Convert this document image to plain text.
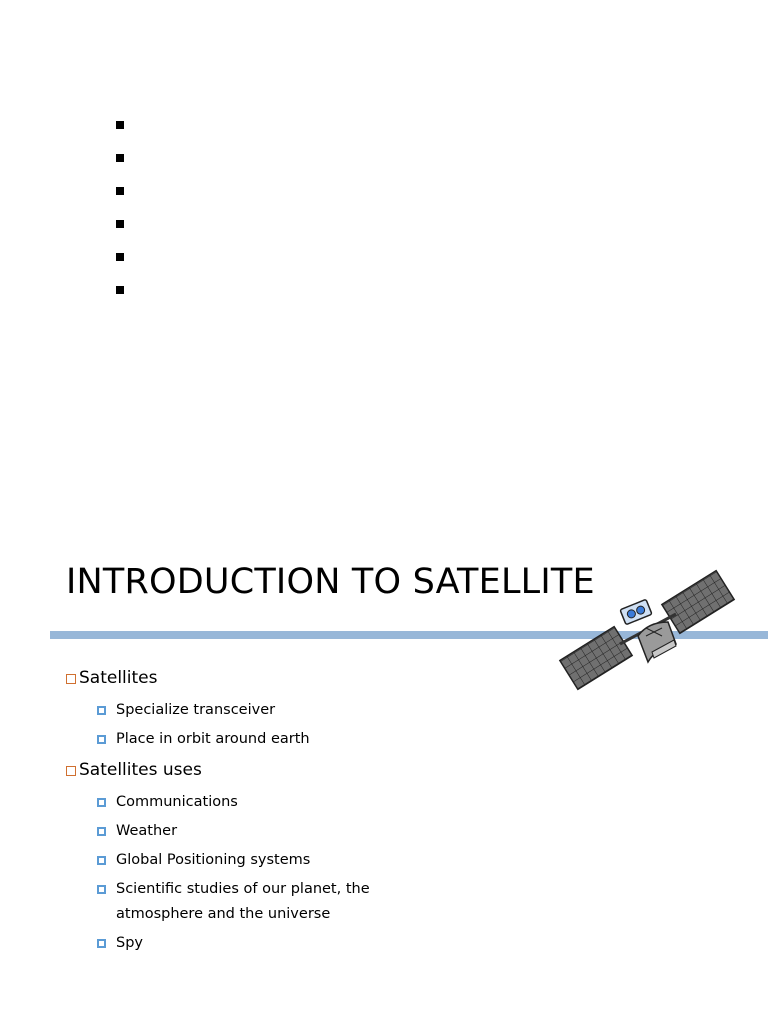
INTRODUCTION TO SATELLITE
Satellites
Specialize transceiver
Place in orbit around earth
Satellites uses
Communications
Weather
Global Positioning systems
Scientific studies of our planet, the atmosphere and the universe
Spy
